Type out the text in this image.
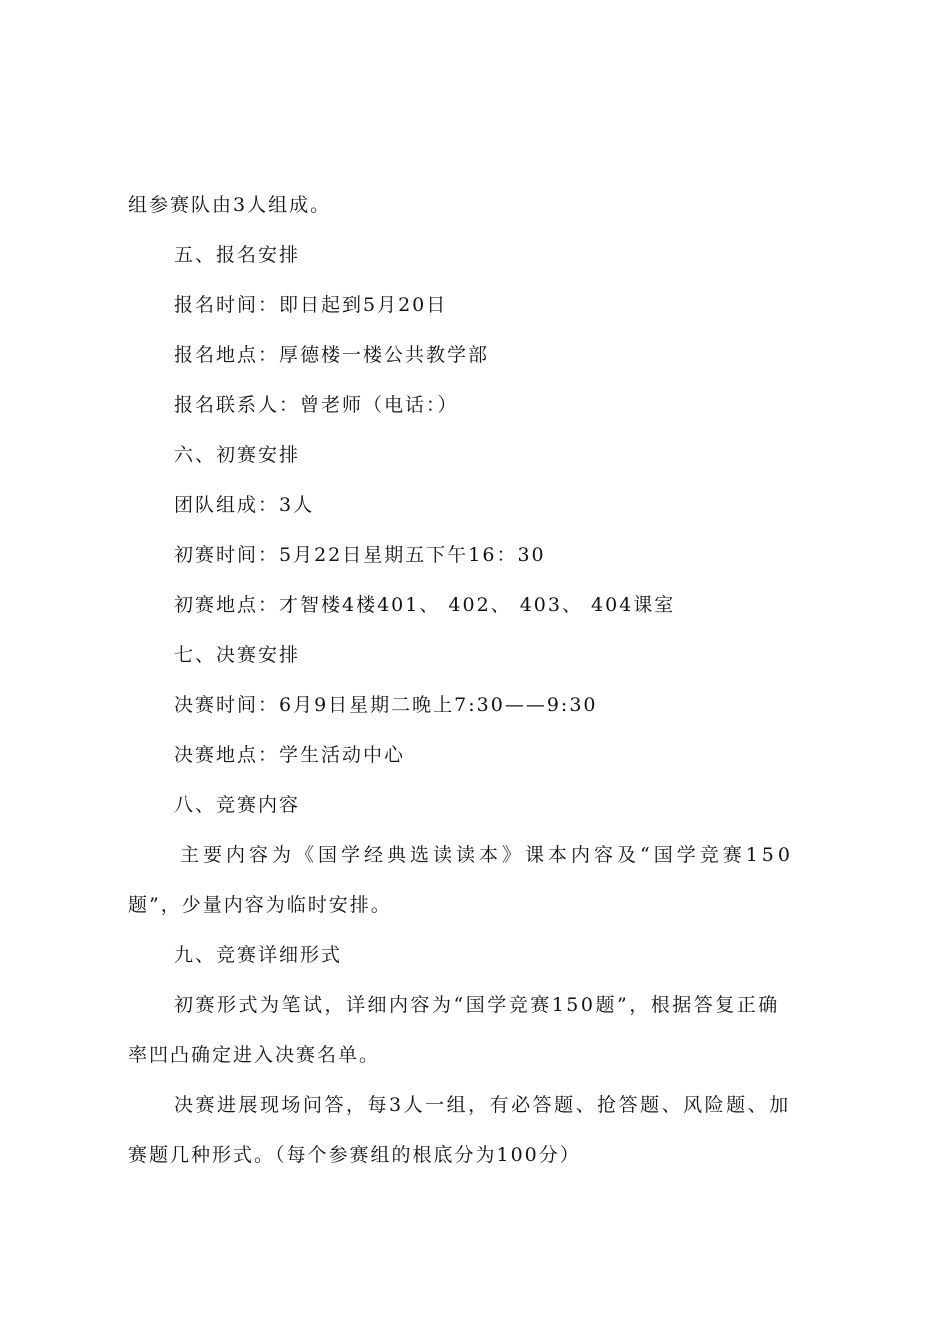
组参赛队由3人组成。
五、报名安排
报名时间：即日起到5月20日
报名地点：厚德楼一楼公共教学部
报名联系人：曾老师（电话：）
六、初赛安排
团队组成：3人
初赛时间：5月22日星期五下午16：30
初赛地点：才智楼4楼401、 402、 403、 404课室
七、决赛安排
决赛时间：6月9日星期二晚上7:30——9:30
决赛地点：学生活动中心
八、竞赛内容
主要内容为《国学经典选读读本》课本内容及“国学竞赛150
题”，少量内容为临时安排。
九、竞赛详细形式
初赛形式为笔试，详细内容为“国学竞赛150题”，根据答复正确
率凹凸确定进入决赛名单。
决赛进展现场问答，每3人一组，有必答题、抢答题、风险题、加
赛题几种形式。（每个参赛组的根底分为100分）
